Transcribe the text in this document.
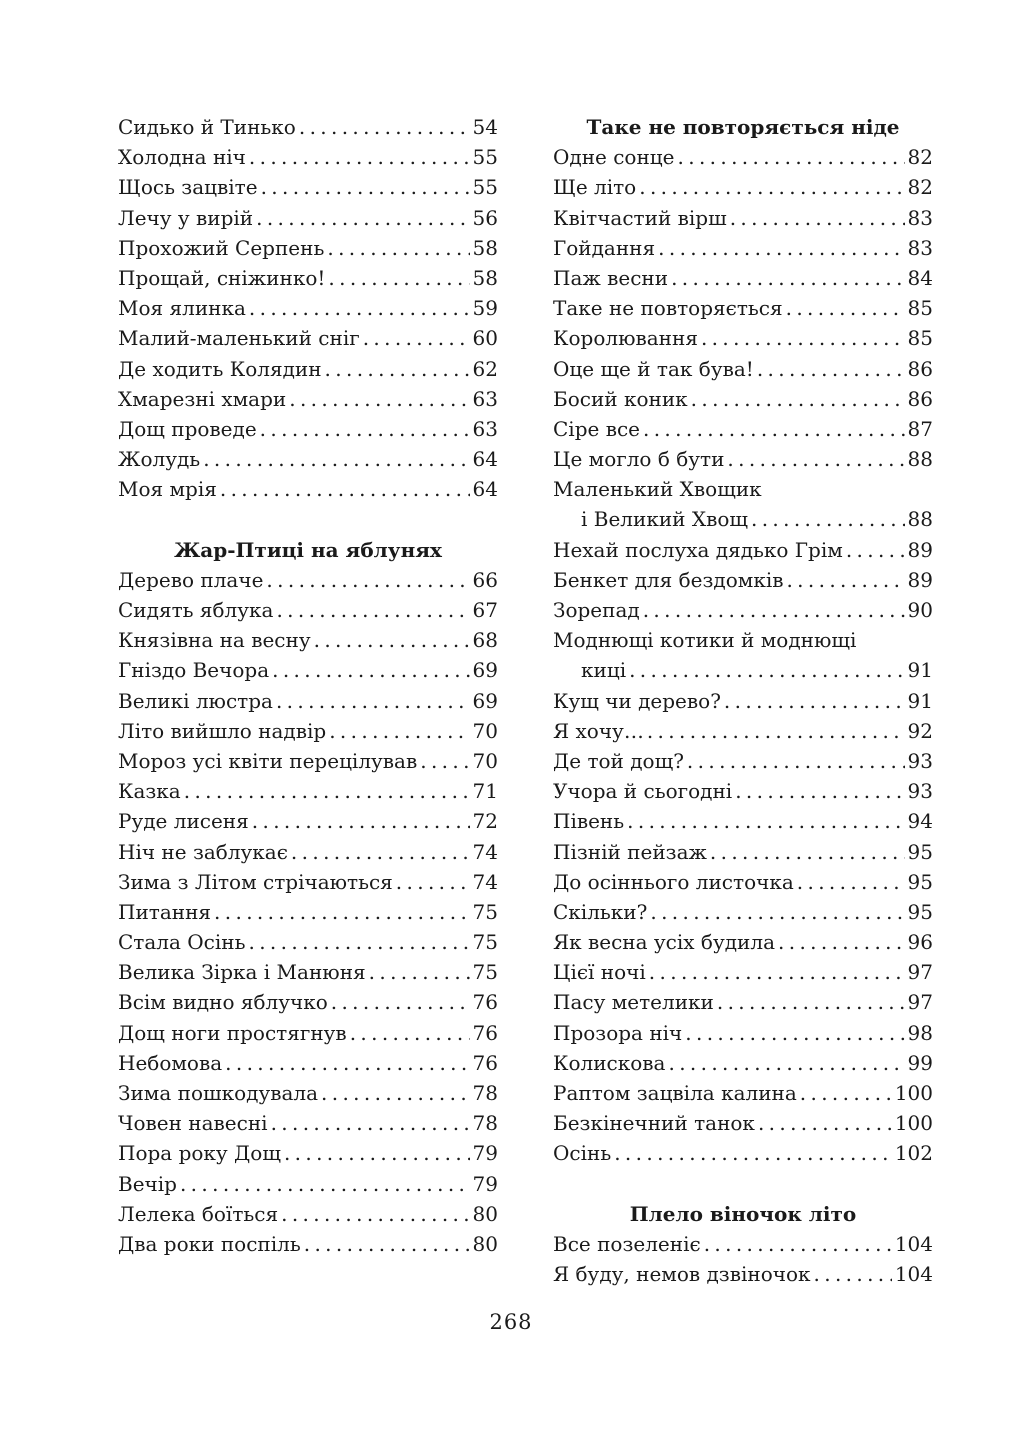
Сидько й Тинько . . .	54
Холодна ніч . . .	55
Щось зацвіте . . .	55
Лечу у вирій . . .	56
Прохожий Серпень . . .	58
Прощай, сніжинко! . . .	58
Моя ялинка . . .	59
Малий-маленький сніг . . .	60
Де ходить Колядин . . .	62
Хмарезні хмари . . .	63
Дощ проведе . . .	63
Жолудь . . .	64
Моя мрія . . .	64
Жар-Птиці на яблунях
Дерево плаче . . .	66
Сидять яблука . . .	67
Князівна на весну . . .	68
Гніздо Вечора . . .	69
Великі люстра . . .	69
Літо вийшло надвір . . .	70
Мороз усі квіти перецілував . . .	70
Казка . . .	71
Руде лисеня . . .	72
Ніч не заблукає . . .	74
Зима з Літом стрічаються . . .	74
Питання . . .	75
Стала Осінь . . .	75
Велика Зірка і Манюня . . .	75
Всім видно яблучко . . .	76
Дощ ноги простягнув . . .	76
Небомова . . .	76
Зима пошкодувала . . .	78
Човен навесні . . .	78
Пора року Дощ . . .	79
Вечір . . .	79
Лелека боїться . . .	80
Два роки поспіль . . .	80
Таке не повторяється ніде
Одне сонце . . .	82
Ще літо . . .	82
Квітчастий вірш . . .	83
Гойдання . . .	83
Паж весни . . .	84
Таке не повторяється . . .	85
Королювання . . .	85
Оце ще й так бува! . . .	86
Босий коник . . .	86
Сіре все . . .	87
Це могло б бути . . .	88
Маленький Хвощик
і Великий Хвощ . . .	88
Нехай послуха дядько Грім . . .	89
Бенкет для бездомків . . .	89
Зорепад . . .	90
Моднющі котики й моднющі
киці . . .	91
Кущ чи дерево? . . .	91
Я хочу… . . .	92
Де той дощ? . . .	93
Учора й сьогодні . . .	93
Півень . . .	94
Пізній пейзаж . . .	95
До осіннього листочка . . .	95
Скільки? . . .	95
Як весна усіх будила . . .	96
Цієї ночі . . .	97
Пасу метелики . . .	97
Прозора ніч . . .	98
Колискова . . .	99
Раптом зацвіла калина . . .	100
Безкінечний танок . . .	100
Осінь . . .	102
Плело віночок літо
Все позеленіє . . .	104
Я буду, немов дзвіночок . . .	104
268
